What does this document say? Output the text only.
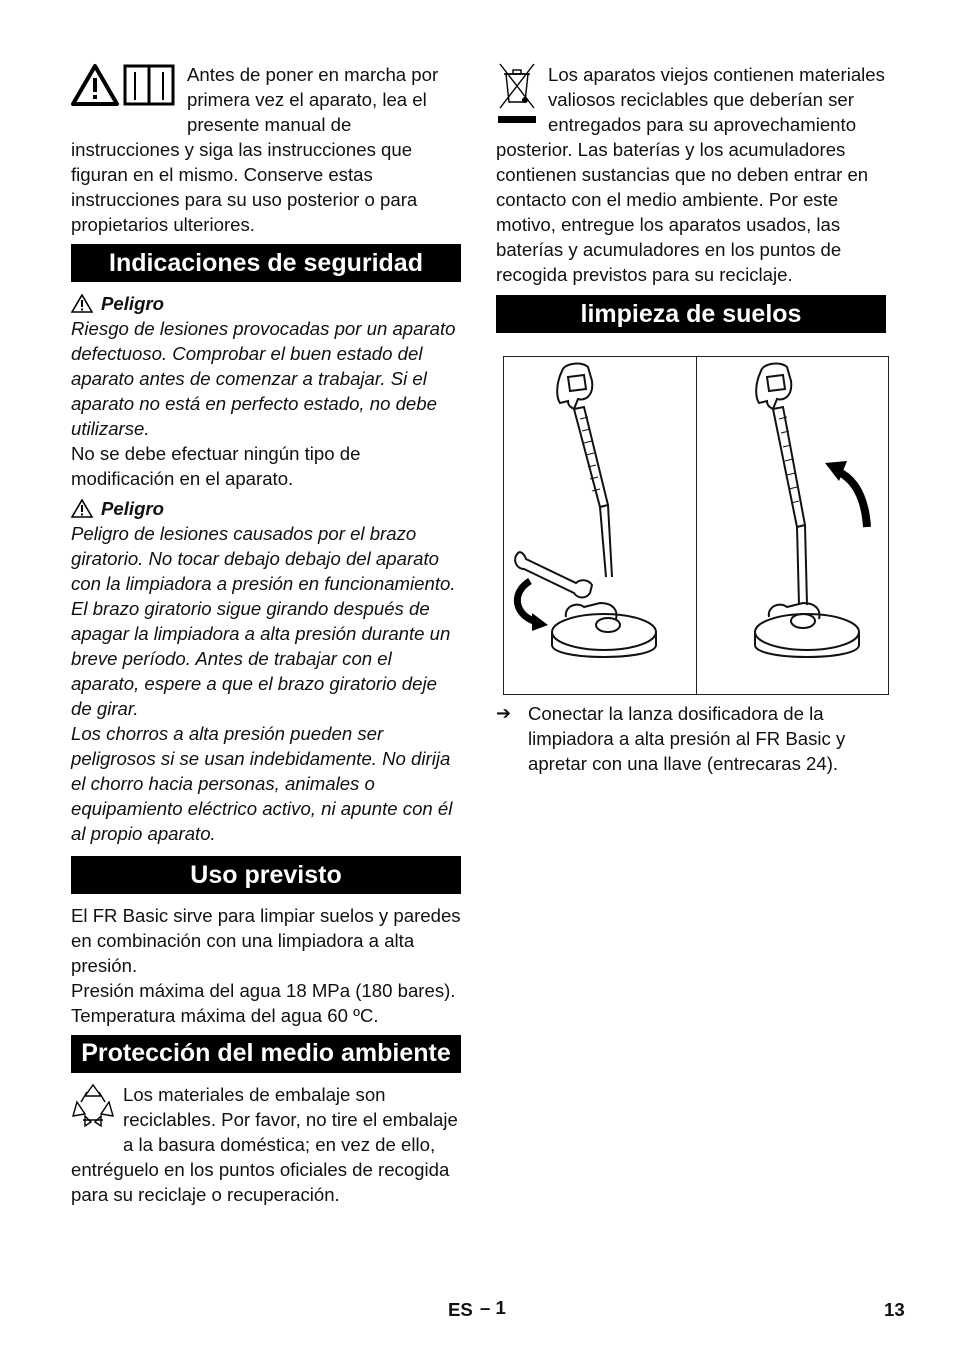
Antes de poner en marcha por primera vez el aparato, lea el presente manual de instrucciones y siga las instrucciones que figuran en el mismo. Conserve estas instrucciones para su uso posterior o para propietarios ulteriores.

Indicaciones de seguridad
Peligro

Riesgo de lesiones provocadas por un aparato defectuoso. Comprobar el buen estado del aparato antes de comenzar a trabajar. Si el aparato no está en perfecto estado, no debe utilizarse.

No se debe efectuar ningún tipo de modificación en el aparato.

Peligro

Peligro de lesiones causados por el brazo giratorio. No tocar debajo debajo del aparato con la limpiadora a presión en funcionamiento.

El brazo giratorio sigue girando después de apagar la limpiadora a alta presión durante un breve período. Antes de trabajar con el aparato, espere a que el brazo giratorio deje de girar.

Los chorros a alta presión pueden ser peligrosos si se usan indebidamente. No dirija el chorro hacia personas, animales o equipamiento eléctrico activo, ni apunte con él al propio aparato.

Uso previsto

El FR Basic sirve para limpiar suelos y paredes en combinación con una limpiadora a alta presión.

Presión máxima del agua 18 MPa (180 bares). Temperatura máxima del agua 60 ºC.

Protección del medio ambiente

Los materiales de embalaje son reciclables. Por favor, no tire el embalaje a la basura doméstica; en vez de ello, entréguelo en los puntos oficiales de recogida para su reciclaje o recuperación.

Los aparatos viejos contienen materiales valiosos reciclables que deberían ser entregados para su aprovechamiento posterior. Las baterías y los acumuladores contienen sustancias que no deben entrar en contacto con el medio ambiente. Por este motivo, entregue los aparatos usados, las baterías y acumuladores en los puntos de recogida previstos para su reciclaje.

limpieza de suelos
➔ Conectar la lanza dosificadora de la limpiadora a alta presión al FR Basic y apretar con una llave (entrecaras 24).

ES – 1	13
